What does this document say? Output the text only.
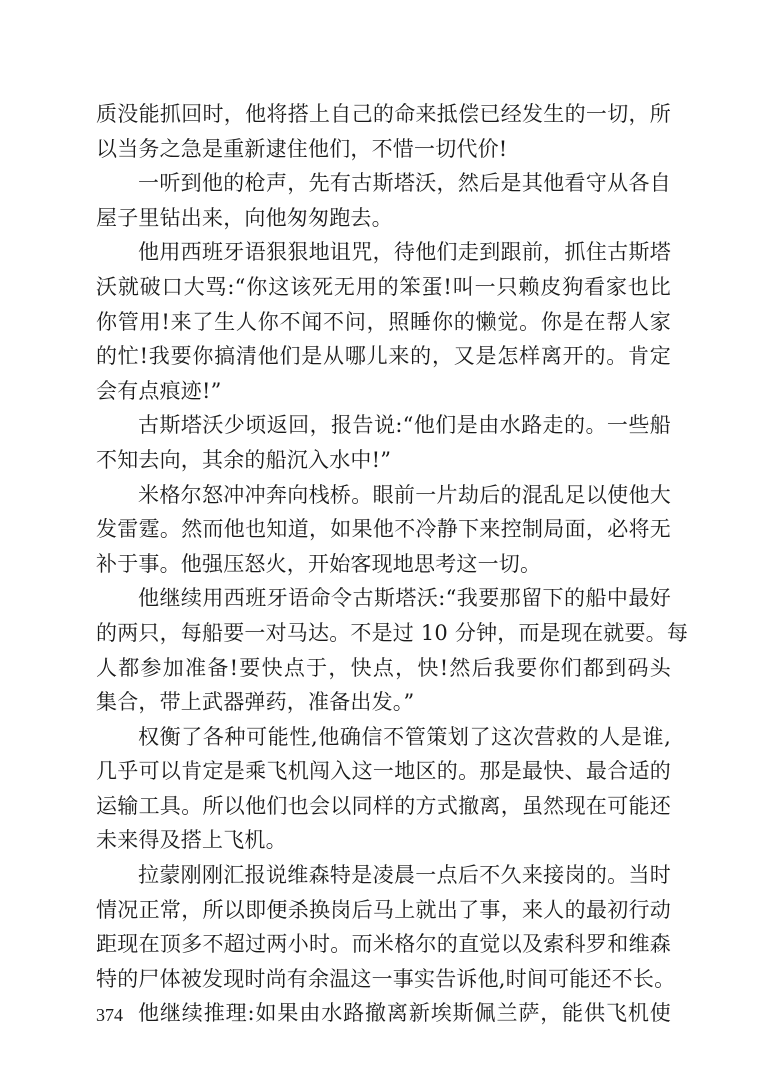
质没能抓回时，他将搭上自己的命来抵偿已经发生的一切，所
以当务之急是重新逮住他们，不惜一切代价!
一听到他的枪声，先有古斯塔沃，然后是其他看守从各自
屋子里钻出来，向他匆匆跑去。
他用西班牙语狠狠地诅咒，待他们走到跟前，抓住古斯塔
沃就破口大骂:“你这该死无用的笨蛋!叫一只赖皮狗看家也比
你管用!来了生人你不闻不问，照睡你的懒觉。你是在帮人家
的忙!我要你搞清他们是从哪儿来的，又是怎样离开的。肯定
会有点痕迹!”
古斯塔沃少顷返回，报告说:“他们是由水路走的。一些船
不知去向，其余的船沉入水中!”
米格尔怒冲冲奔向栈桥。眼前一片劫后的混乱足以使他大
发雷霆。然而他也知道，如果他不冷静下来控制局面，必将无
补于事。他强压怒火，开始客现地思考这一切。
他继续用西班牙语命令古斯塔沃:“我要那留下的船中最好
的两只，每船要一对马达。不是过 10 分钟，而是现在就要。每
人都参加准备!要快点于，快点，快!然后我要你们都到码头
集合，带上武器弹药，准备出发。”
权衡了各种可能性,他确信不管策划了这次营救的人是谁,
几乎可以肯定是乘飞机闯入这一地区的。那是最快、最合适的
运输工具。所以他们也会以同样的方式撤离，虽然现在可能还
未来得及搭上飞机。
拉蒙刚刚汇报说维森特是凌晨一点后不久来接岗的。当时
情况正常，所以即便杀换岗后马上就出了事，来人的最初行动
距现在顶多不超过两小时。而米格尔的直觉以及索科罗和维森
特的尸体被发现时尚有余温这一事实告诉他,时间可能还不长。
他继续推理:如果由水路撤离新埃斯佩兰萨，能供飞机使
374
